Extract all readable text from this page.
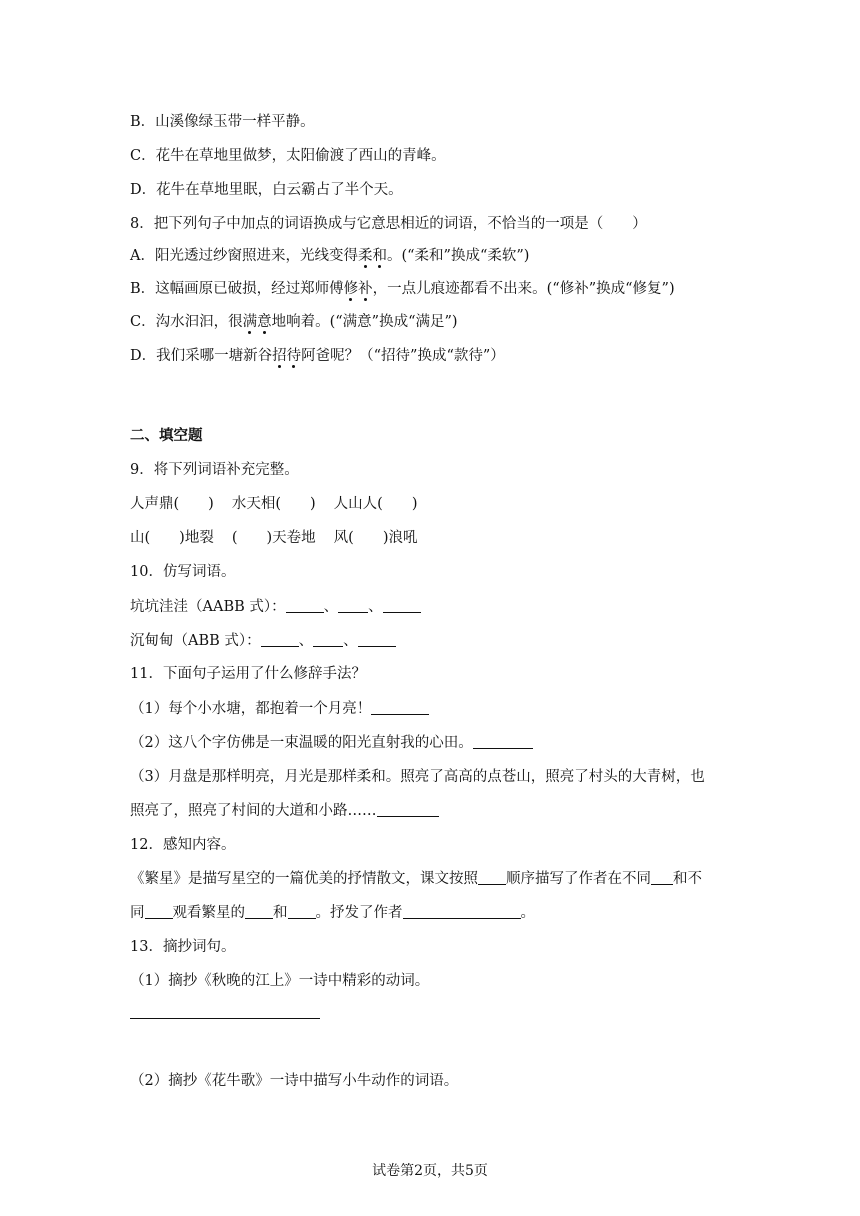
B．山溪像绿玉带一样平静。
C．花牛在草地里做梦，太阳偷渡了西山的青峰。
D．花牛在草地里眠，白云霸占了半个天。
8．把下列句子中加点的词语换成与它意思相近的词语，不恰当的一项是（　　）
A．阳光透过纱窗照进来，光线变得柔和。(“柔和”换成“柔软”)
B．这幅画原已破损，经过郑师傅修补，一点儿痕迹都看不出来。(“修补”换成“修复”)
C．沟水汩汩，很满意地响着。(“满意”换成“满足”)
D．我们采哪一塘新谷招待阿爸呢？（“招待”换成“款待”）
二、填空题
9．将下列词语补充完整。
人声鼎(　　) 水天相(　　) 人山人(　　)
山(　　)地裂 (　　)天卷地 风(　　)浪吼
10．仿写词语。
坑坑洼洼（AABB 式）：	、 、
沉甸甸（ABB 式）：	、 、
11．下面句子运用了什么修辞手法？
（1）每个小水塘，都抱着一个月亮！
（2）这八个字仿佛是一束温暖的阳光直射我的心田。
（3）月盘是那样明亮，月光是那样柔和。照亮了高高的点苍山，照亮了村头的大青树，也
照亮了，照亮了村间的大道和小路……
12．感知内容。
《繁星》是描写星空的一篇优美的抒情散文，课文按照 顺序描写了作者在不同 和不
同 观看繁星的 和 。抒发了作者	。
13．摘抄词句。
（1）摘抄《秋晚的江上》一诗中精彩的动词。
（2）摘抄《花牛歌》一诗中描写小牛动作的词语。
试卷第2页，共5页
